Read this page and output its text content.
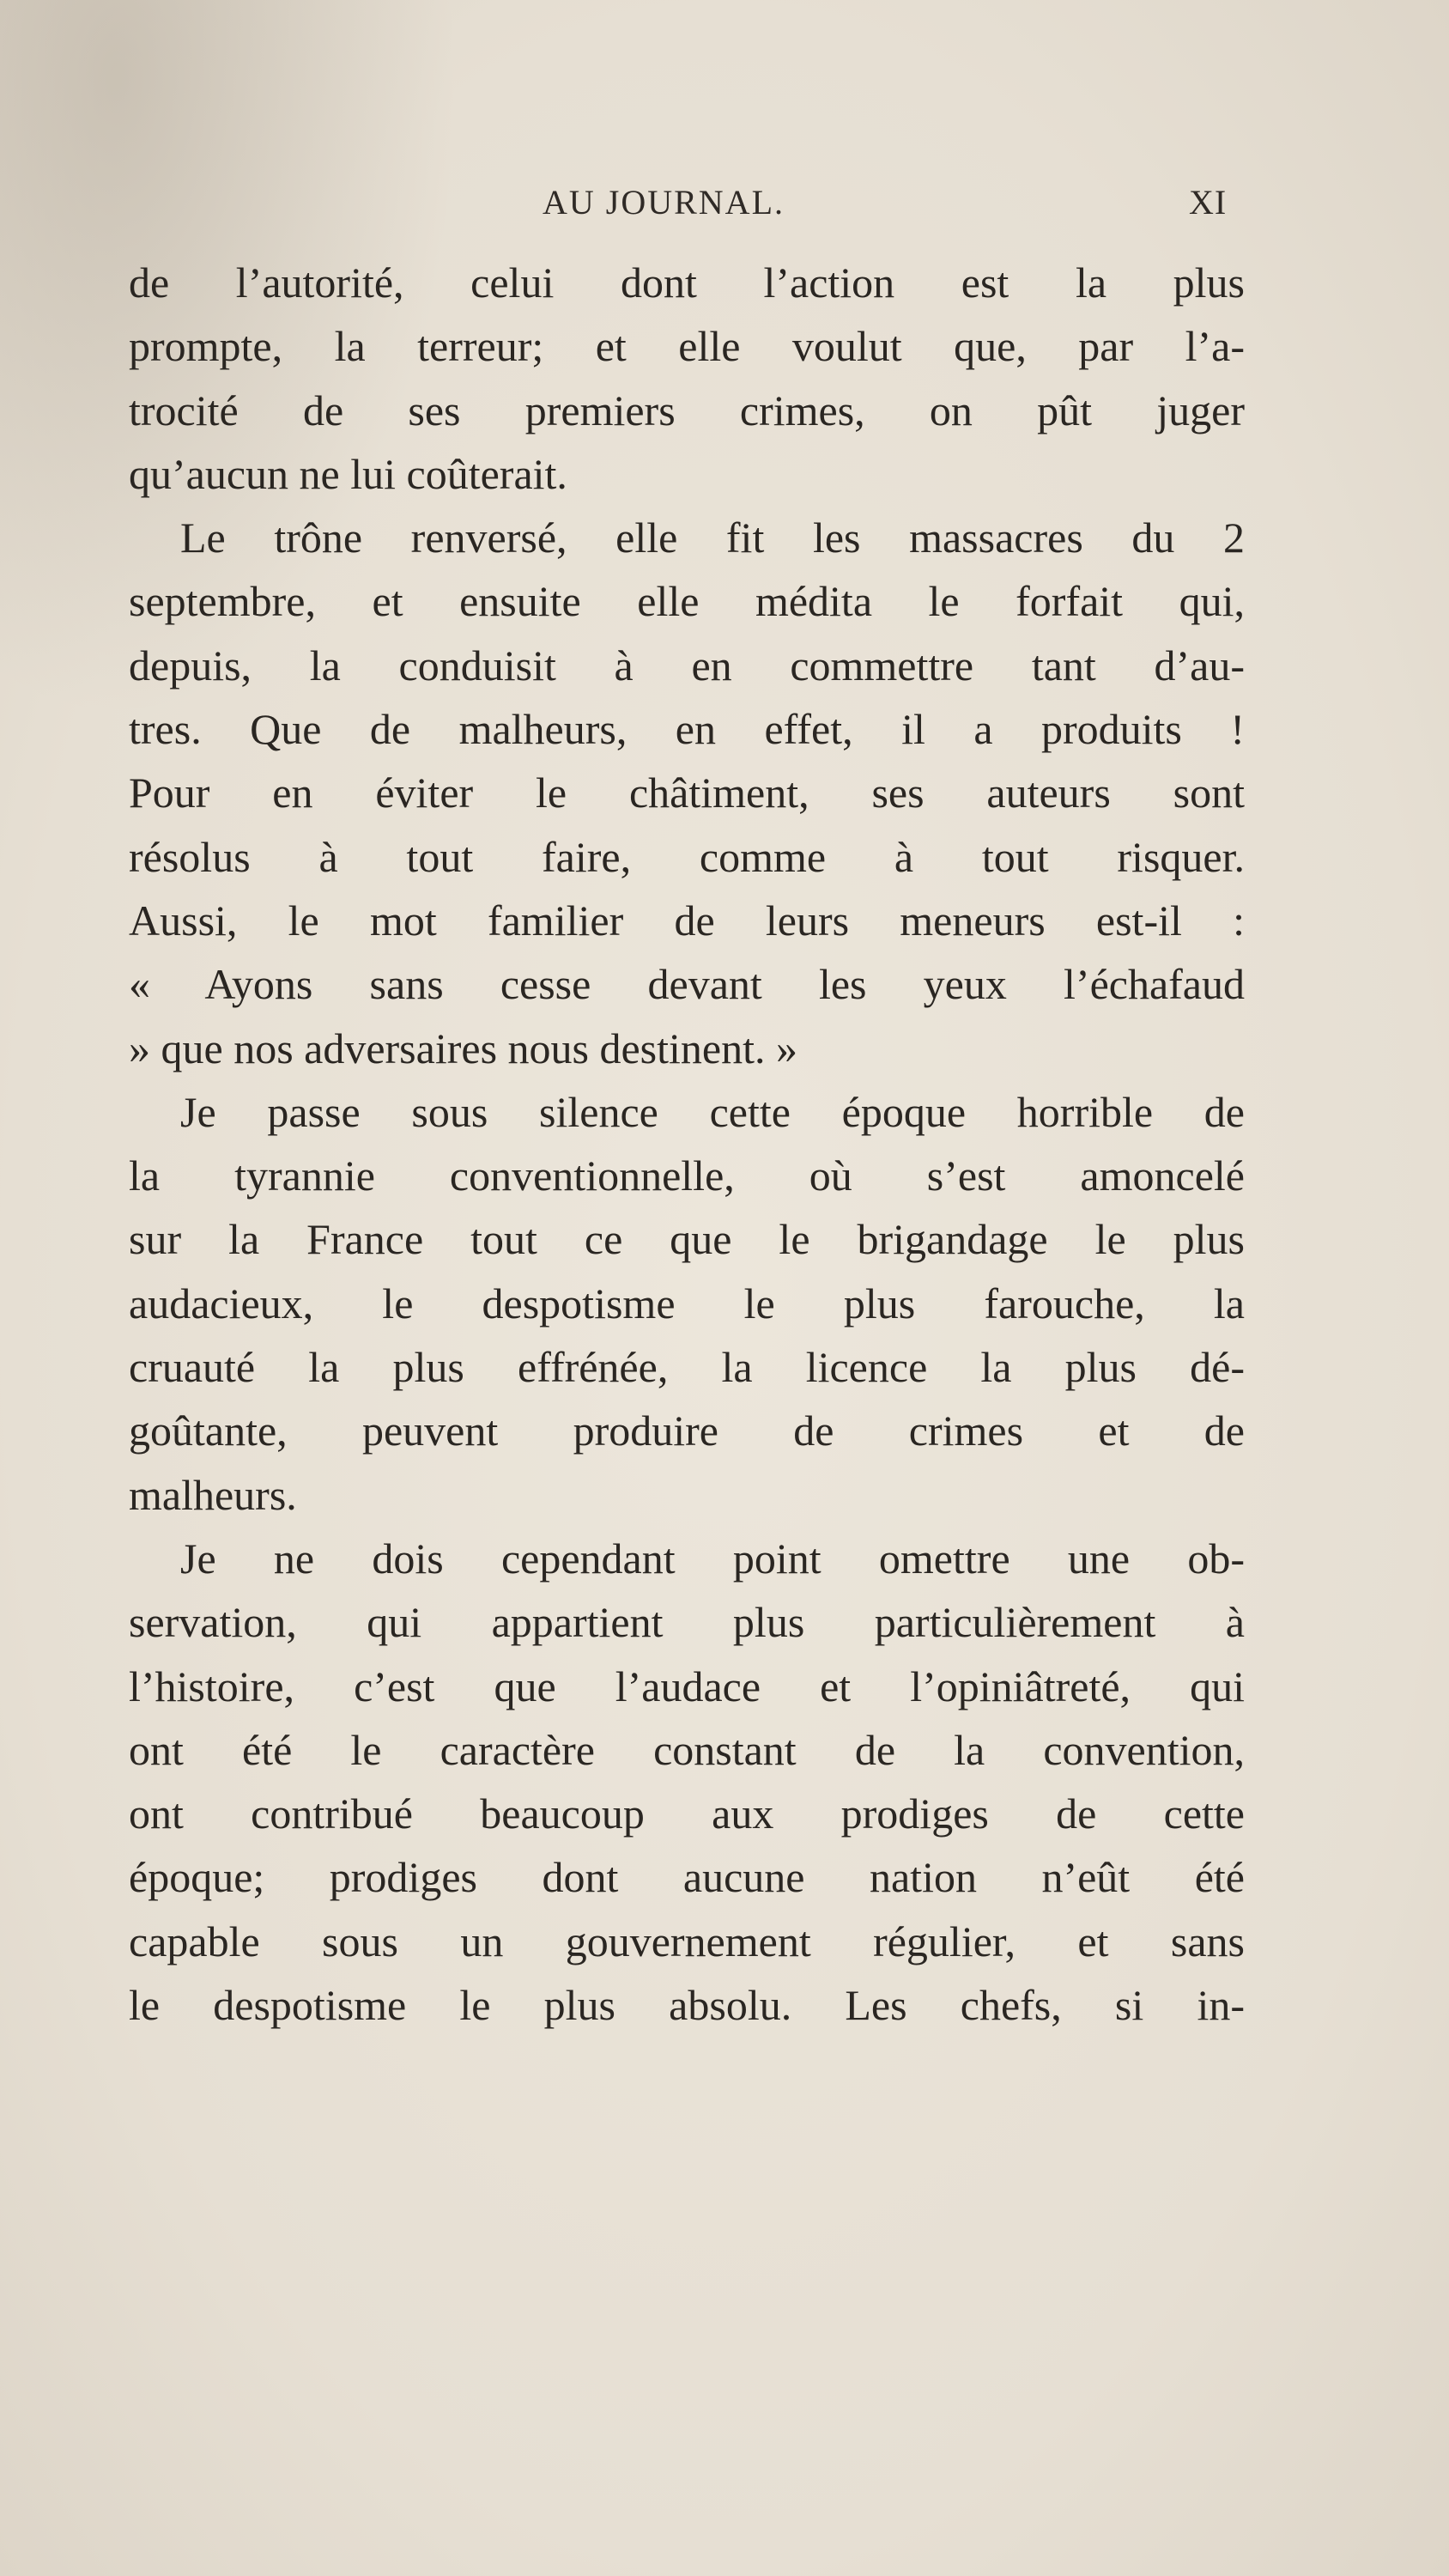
AU JOURNAL.	XI
de l’autorité, celui dont l’action est la plus
prompte, la terreur; et elle voulut que, par l’a-
trocité de ses premiers crimes, on pût juger
qu’aucun ne lui coûterait.
Le trône renversé, elle fit les massacres du 2
septembre, et ensuite elle médita le forfait qui,
depuis, la conduisit à en commettre tant d’au-
tres. Que de malheurs, en effet, il a produits !
Pour en éviter le châtiment, ses auteurs sont
résolus à tout faire, comme à tout risquer.
Aussi, le mot familier de leurs meneurs est-il :
« Ayons sans cesse devant les yeux l’échafaud
» que nos adversaires nous destinent. »
Je passe sous silence cette époque horrible de
la tyrannie conventionnelle, où s’est amoncelé
sur la France tout ce que le brigandage le plus
audacieux, le despotisme le plus farouche, la
cruauté la plus effrénée, la licence la plus dé-
goûtante, peuvent produire de crimes et de
malheurs.
Je ne dois cependant point omettre une ob-
servation, qui appartient plus particulièrement à
l’histoire, c’est que l’audace et l’opiniâtreté, qui
ont été le caractère constant de la convention,
ont contribué beaucoup aux prodiges de cette
époque; prodiges dont aucune nation n’eût été
capable sous un gouvernement régulier, et sans
le despotisme le plus absolu. Les chefs, si in-
